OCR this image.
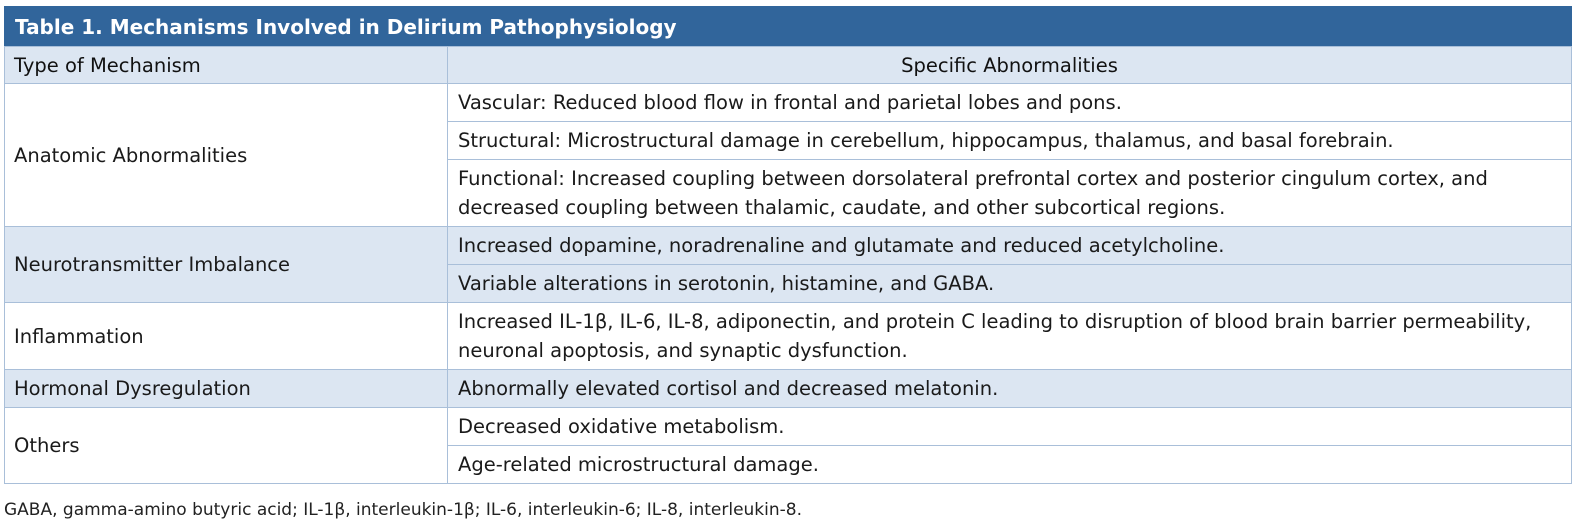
Table 1. Mechanisms Involved in Delirium Pathophysiology
Type of Mechanism	Specific Abnormalities
Anatomic Abnormalities	Vascular: Reduced blood flow in frontal and parietal lobes and pons.
	Structural: Microstructural damage in cerebellum, hippocampus, thalamus, and basal forebrain.
	Functional: Increased coupling between dorsolateral prefrontal cortex and posterior cingulum cortex, and decreased coupling between thalamic, caudate, and other subcortical regions.
Neurotransmitter Imbalance	Increased dopamine, noradrenaline and glutamate and reduced acetylcholine.
	Variable alterations in serotonin, histamine, and GABA.
Inflammation	Increased IL-1β, IL-6, IL-8, adiponectin, and protein C leading to disruption of blood brain barrier permeability, neuronal apoptosis, and synaptic dysfunction.
Hormonal Dysregulation	Abnormally elevated cortisol and decreased melatonin.
Others	Decreased oxidative metabolism.
	Age-related microstructural damage.
GABA, gamma-amino butyric acid; IL-1β, interleukin-1β; IL-6, interleukin-6; IL-8, interleukin-8.
